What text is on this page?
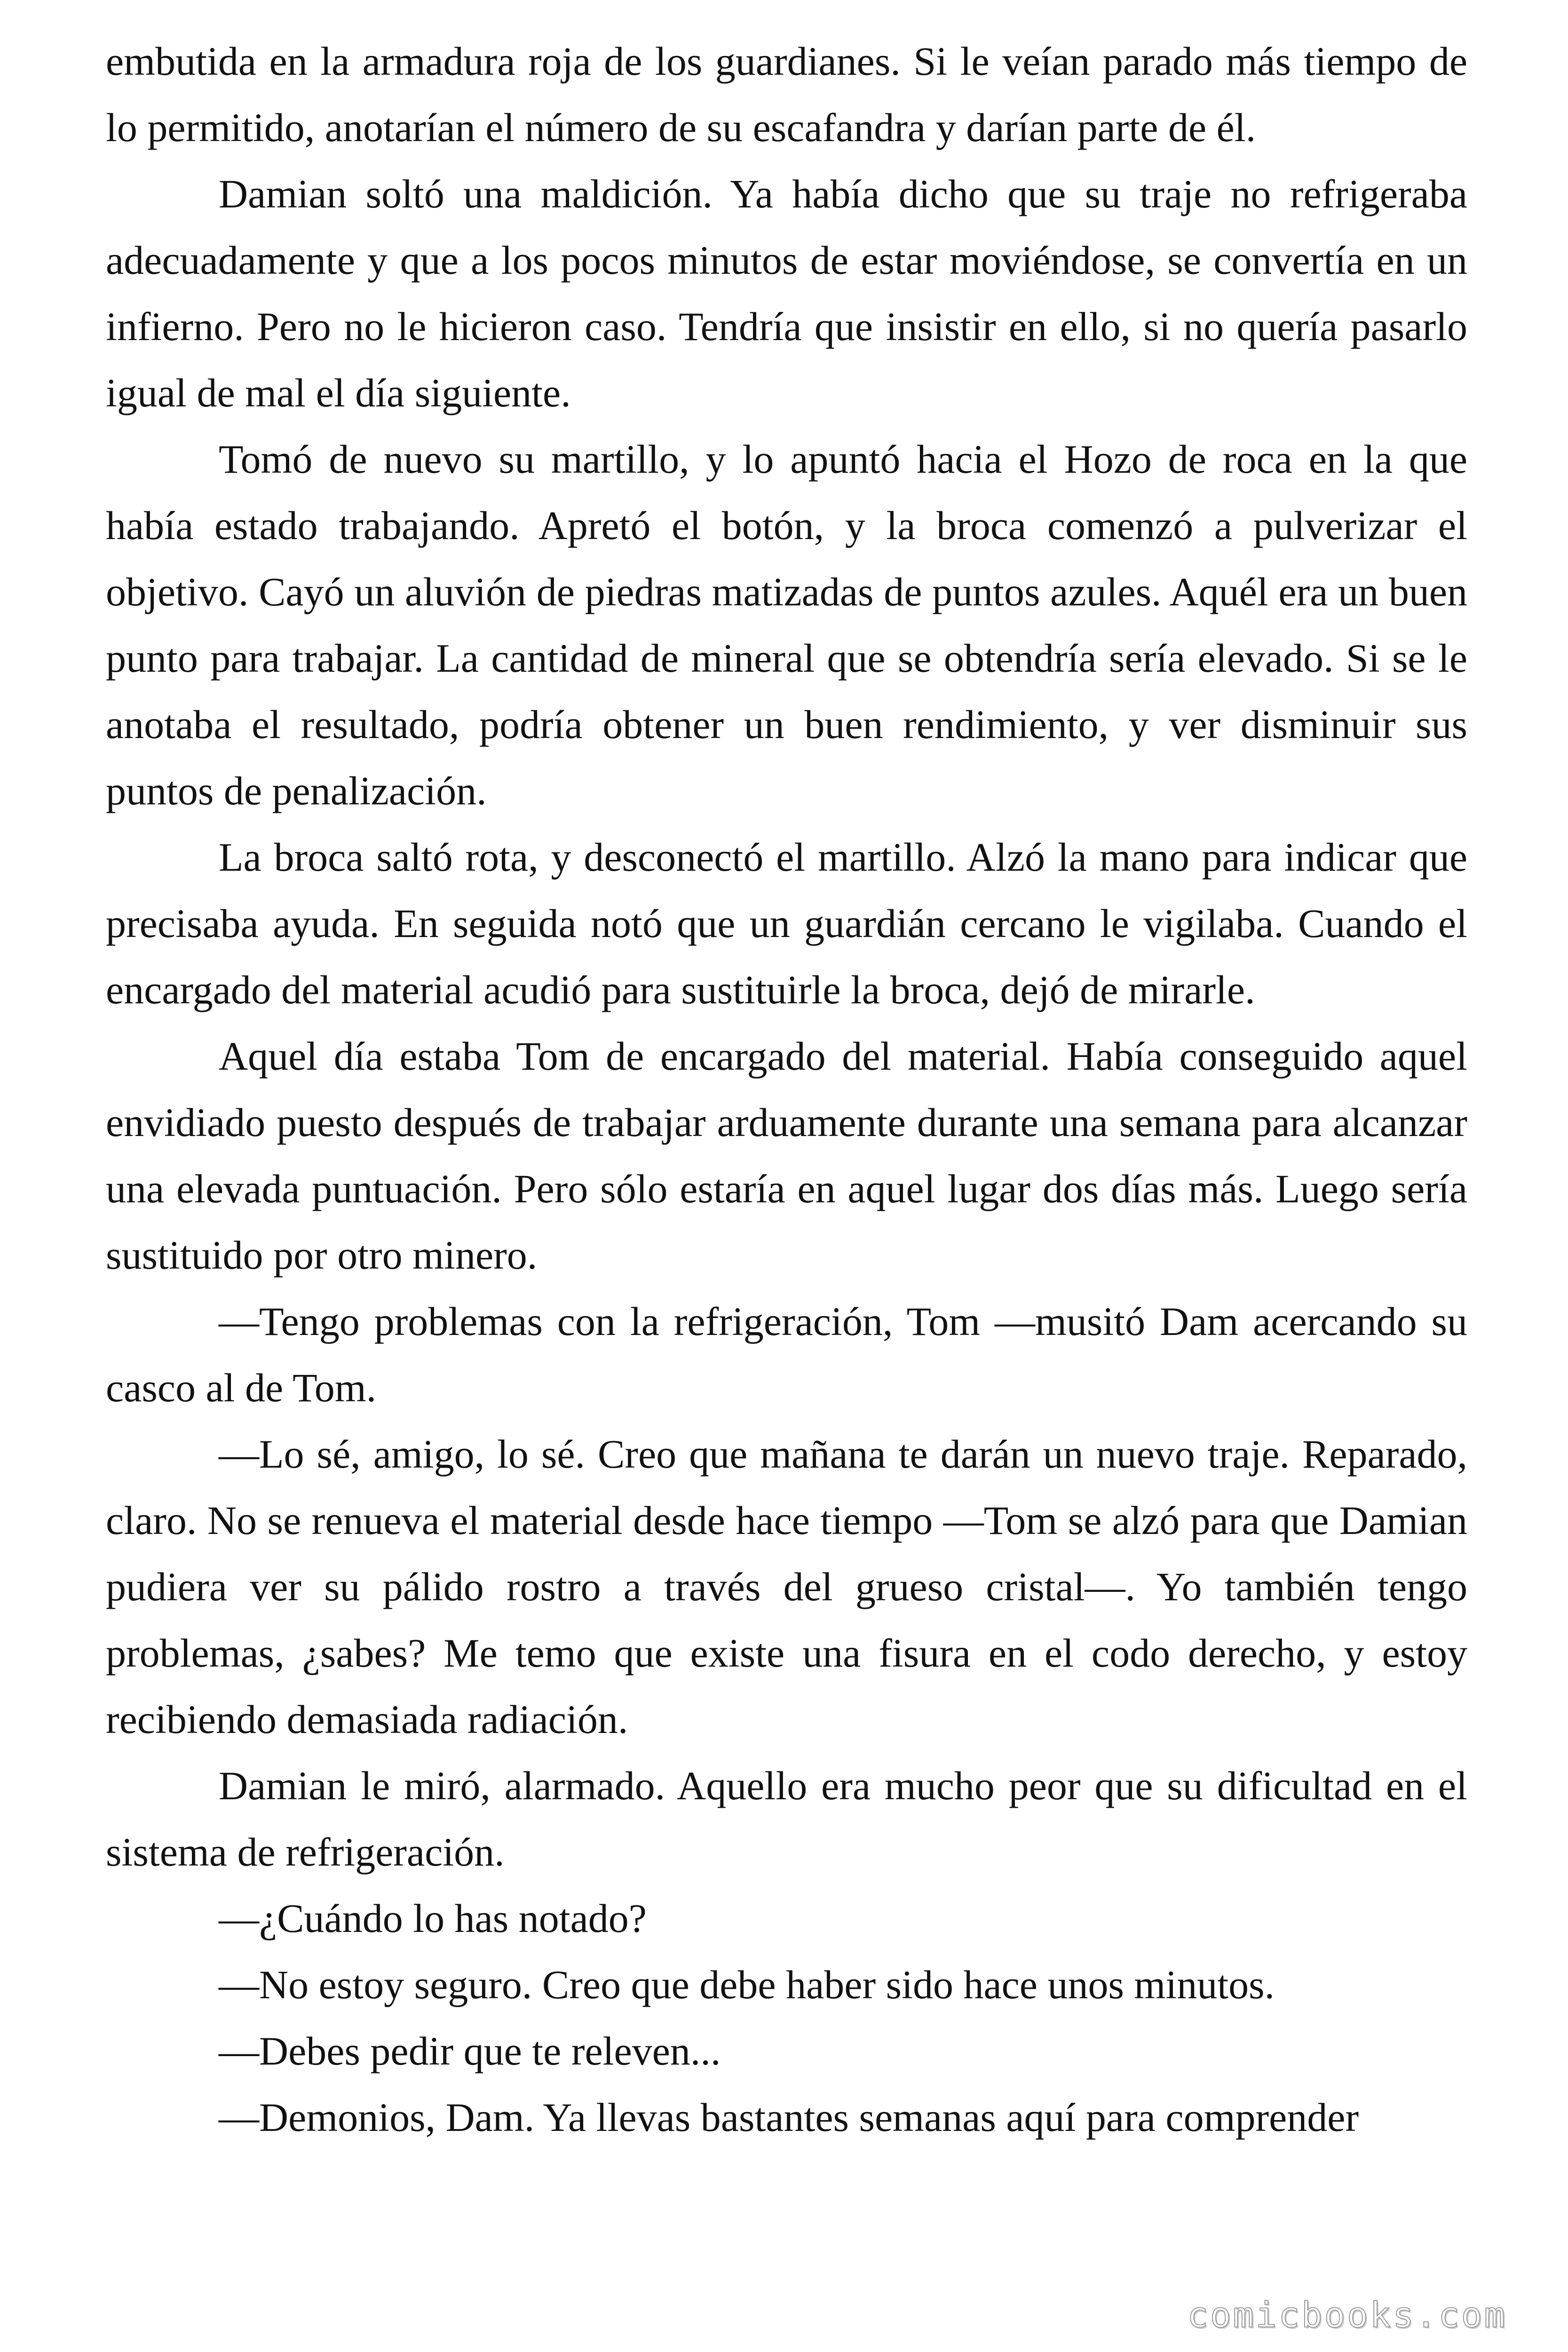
embutida en la armadura roja de los guardianes. Si le veían parado más tiempo de lo permitido, anotarían el número de su escafandra y darían parte de él.

Damian soltó una maldición. Ya había dicho que su traje no refrigeraba adecuadamente y que a los pocos minutos de estar moviéndose, se convertía en un infierno. Pero no le hicieron caso. Tendría que insistir en ello, si no quería pasarlo igual de mal el día siguiente.

Tomó de nuevo su martillo, y lo apuntó hacia el Hozo de roca en la que había estado trabajando. Apretó el botón, y la broca comenzó a pulverizar el objetivo. Cayó un aluvión de piedras matizadas de puntos azules. Aquél era un buen punto para trabajar. La cantidad de mineral que se obtendría sería elevado. Si se le anotaba el resultado, podría obtener un buen rendimiento, y ver disminuir sus puntos de penalización.

La broca saltó rota, y desconectó el martillo. Alzó la mano para indicar que precisaba ayuda. En seguida notó que un guardián cercano le vigilaba. Cuando el encargado del material acudió para sustituirle la broca, dejó de mirarle.

Aquel día estaba Tom de encargado del material. Había conseguido aquel envidiado puesto después de trabajar arduamente durante una semana para alcanzar una elevada puntuación. Pero sólo estaría en aquel lugar dos días más. Luego sería sustituido por otro minero.

—Tengo problemas con la refrigeración, Tom —musitó Dam acercando su casco al de Tom.

—Lo sé, amigo, lo sé. Creo que mañana te darán un nuevo traje. Reparado, claro. No se renueva el material desde hace tiempo —Tom se alzó para que Damian pudiera ver su pálido rostro a través del grueso cristal—. Yo también tengo problemas, ¿sabes? Me temo que existe una fisura en el codo derecho, y estoy recibiendo demasiada radiación.

Damian le miró, alarmado. Aquello era mucho peor que su dificultad en el sistema de refrigeración.

—¿Cuándo lo has notado?

—No estoy seguro. Creo que debe haber sido hace unos minutos.

—Debes pedir que te releven...

—Demonios, Dam. Ya llevas bastantes semanas aquí para comprender

comicbooks.com
